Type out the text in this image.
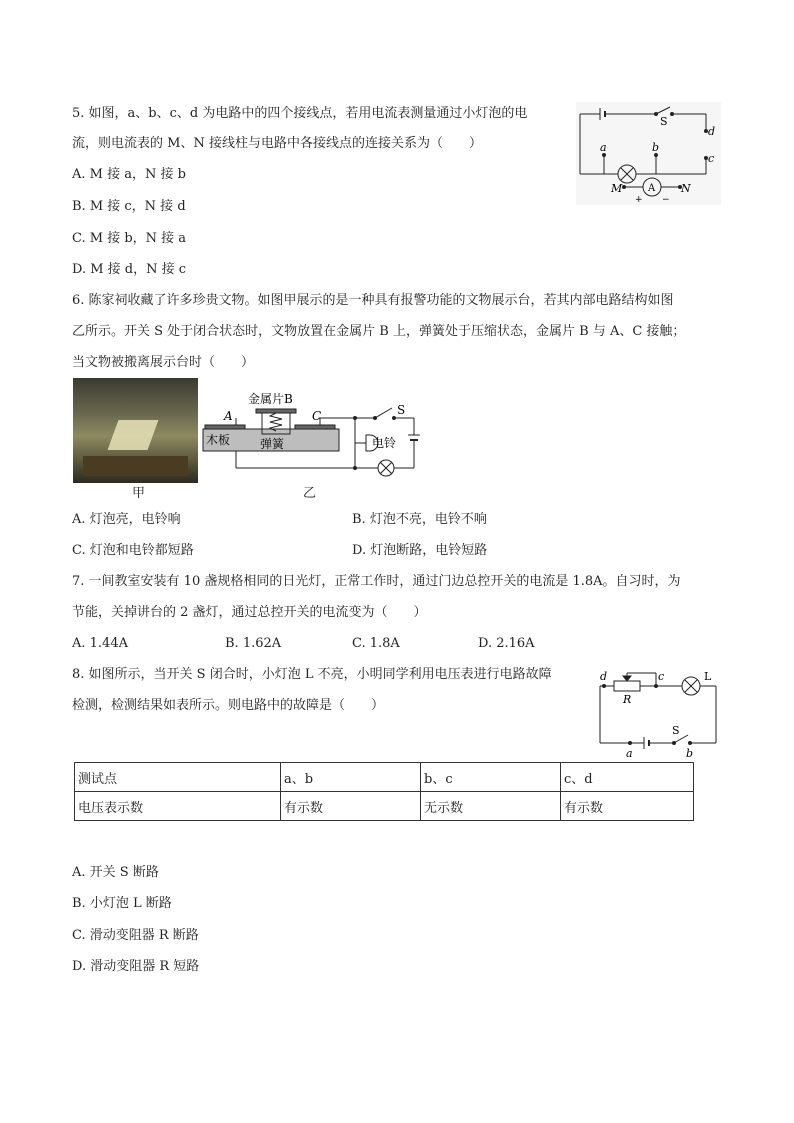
5. 如图，a、b、c、d 为电路中的四个接线点，若用电流表测量通过小灯泡的电
流，则电流表的 M、N 接线柱与电路中各接线点的连接关系为（　　）
A. M 接 a，N 接 b
B. M 接 c，N 接 d
C. M 接 b，N 接 a
D. M 接 d，N 接 c
S
a	b
c
d
M	N
A
+ −
6. 陈家祠收藏了许多珍贵文物。如图甲展示的是一种具有报警功能的文物展示台，若其内部电路结构如图
乙所示。开关 S 处于闭合状态时，文物放置在金属片 B 上，弹簧处于压缩状态，金属片 B 与 A、C 接触；
当文物被搬离展示台时（　　）
甲
金属片B
A	C
木板 弹簧	电铃
S
乙
A. 灯泡亮，电铃响	B. 灯泡不亮，电铃不响
C. 灯泡和电铃都短路	D. 灯泡断路，电铃短路
7. 一间教室安装有 10 盏规格相同的日光灯，正常工作时，通过门边总控开关的电流是 1.8A。自习时，为
节能，关掉讲台的 2 盏灯，通过总控开关的电流变为（　　）
A. 1.44A	B. 1.62A	C. 1.8A	D. 2.16A
8. 如图所示，当开关 S 闭合时，小灯泡 L 不亮，小明同学利用电压表进行电路故障
检测，检测结果如表所示。则电路中的故障是（　　）
d	c
R
L
S
a	b
测试点	a、b	b、c	c、d
电压表示数	有示数	无示数	有示数
A. 开关 S 断路
B. 小灯泡 L 断路
C. 滑动变阻器 R 断路
D. 滑动变阻器 R 短路
